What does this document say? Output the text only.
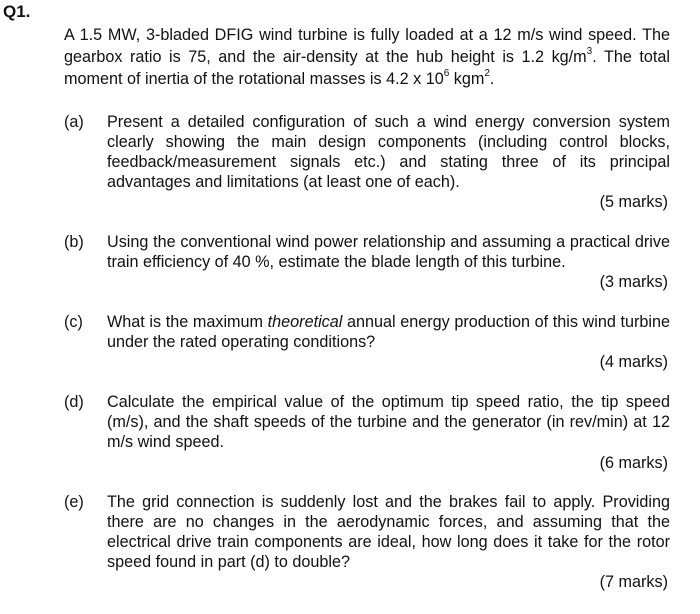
Q1.
A 1.5 MW, 3-bladed DFIG wind turbine is fully loaded at a 12 m/s wind speed. The gearbox ratio is 75, and the air-density at the hub height is 1.2 $kg/m^3$. The total moment of inertia of the rotational masses is 4.2 x $10^6$ kgm$^2$.
(a) Present a detailed configuration of such a wind energy conversion system clearly showing the main design components (including control blocks, feedback/measurement signals etc.) and stating three of its principal advantages and limitations (at least one of each).
(5 marks)
(b) Using the conventional wind power relationship and assuming a practical drive train efficiency of 40 %, estimate the blade length of this turbine.
(3 marks)
(c) What is the maximum theoretical annual energy production of this wind turbine under the rated operating conditions?
(4 marks)
(d) Calculate the empirical value of the optimum tip speed ratio, the tip speed (m/s), and the shaft speeds of the turbine and the generator (in rev/min) at 12 m/s wind speed.
(6 marks)
(e) The grid connection is suddenly lost and the brakes fail to apply. Providing there are no changes in the aerodynamic forces, and assuming that the electrical drive train components are ideal, how long does it take for the rotor speed found in part (d) to double?
(7 marks)
